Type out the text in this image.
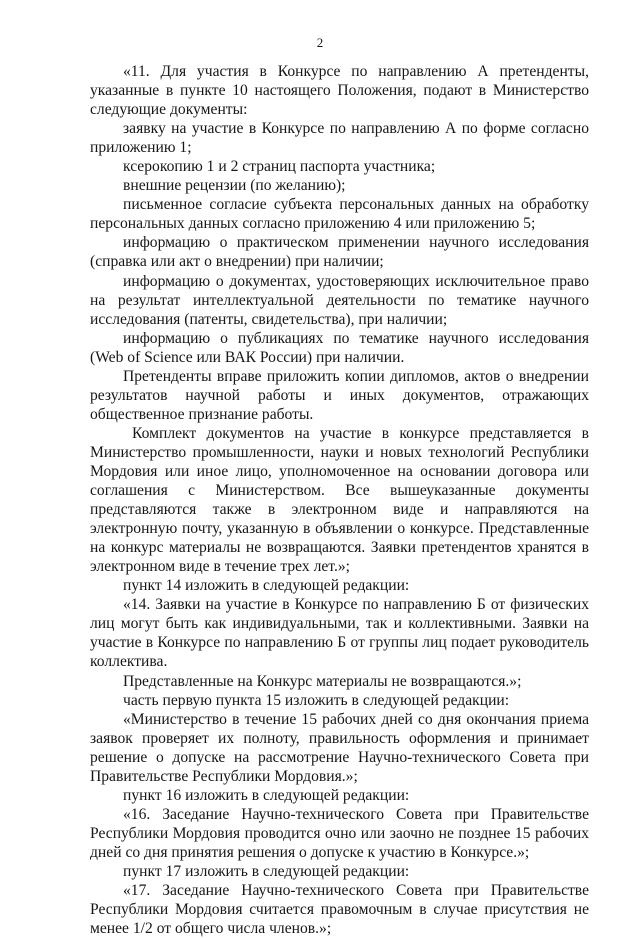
2

«11. Для участия в Конкурсе по направлению А претенденты, указанные в пункте 10 настоящего Положения, подают в Министерство следующие документы:

заявку на участие в Конкурсе по направлению А по форме согласно приложению 1;

ксерокопию 1 и 2 страниц паспорта участника;

внешние рецензии (по желанию);

письменное согласие субъекта персональных данных на обработку персональных данных согласно приложению 4 или приложению 5;

информацию о практическом применении научного исследования (справка или акт о внедрении) при наличии;

информацию о документах, удостоверяющих исключительное право на результат интеллектуальной деятельности по тематике научного исследования (патенты, свидетельства), при наличии;

информацию о публикациях по тематике научного исследования (Web of Science или ВАК России) при наличии.

Претенденты вправе приложить копии дипломов, актов о внедрении результатов научной работы и иных документов, отражающих общественное признание работы.

Комплект документов на участие в конкурсе представляется в Министерство промышленности, науки и новых технологий Республики Мордовия или иное лицо, уполномоченное на основании договора или соглашения с Министерством. Все вышеуказанные документы представляются также в электронном виде и направляются на электронную почту, указанную в объявлении о конкурсе. Представленные на конкурс материалы не возвращаются. Заявки претендентов хранятся в электронном виде в течение трех лет.»;

пункт 14 изложить в следующей редакции:

«14. Заявки на участие в Конкурсе по направлению Б от физических лиц могут быть как индивидуальными, так и коллективными. Заявки на участие в Конкурсе по направлению Б от группы лиц подает руководитель коллектива.

Представленные на Конкурс материалы не возвращаются.»;

часть первую пункта 15 изложить в следующей редакции:

«Министерство в течение 15 рабочих дней со дня окончания приема заявок проверяет их полноту, правильность оформления и принимает решение о допуске на рассмотрение Научно-технического Совета при Правительстве Республики Мордовия.»;

пункт 16 изложить в следующей редакции:

«16. Заседание Научно-технического Совета при Правительстве Республики Мордовия проводится очно или заочно не позднее 15 рабочих дней со дня принятия решения о допуске к участию в Конкурсе.»;

пункт 17 изложить в следующей редакции:

«17. Заседание Научно-технического Совета при Правительстве Республики Мордовия считается правомочным в случае присутствия не менее 1/2 от общего числа членов.»;
